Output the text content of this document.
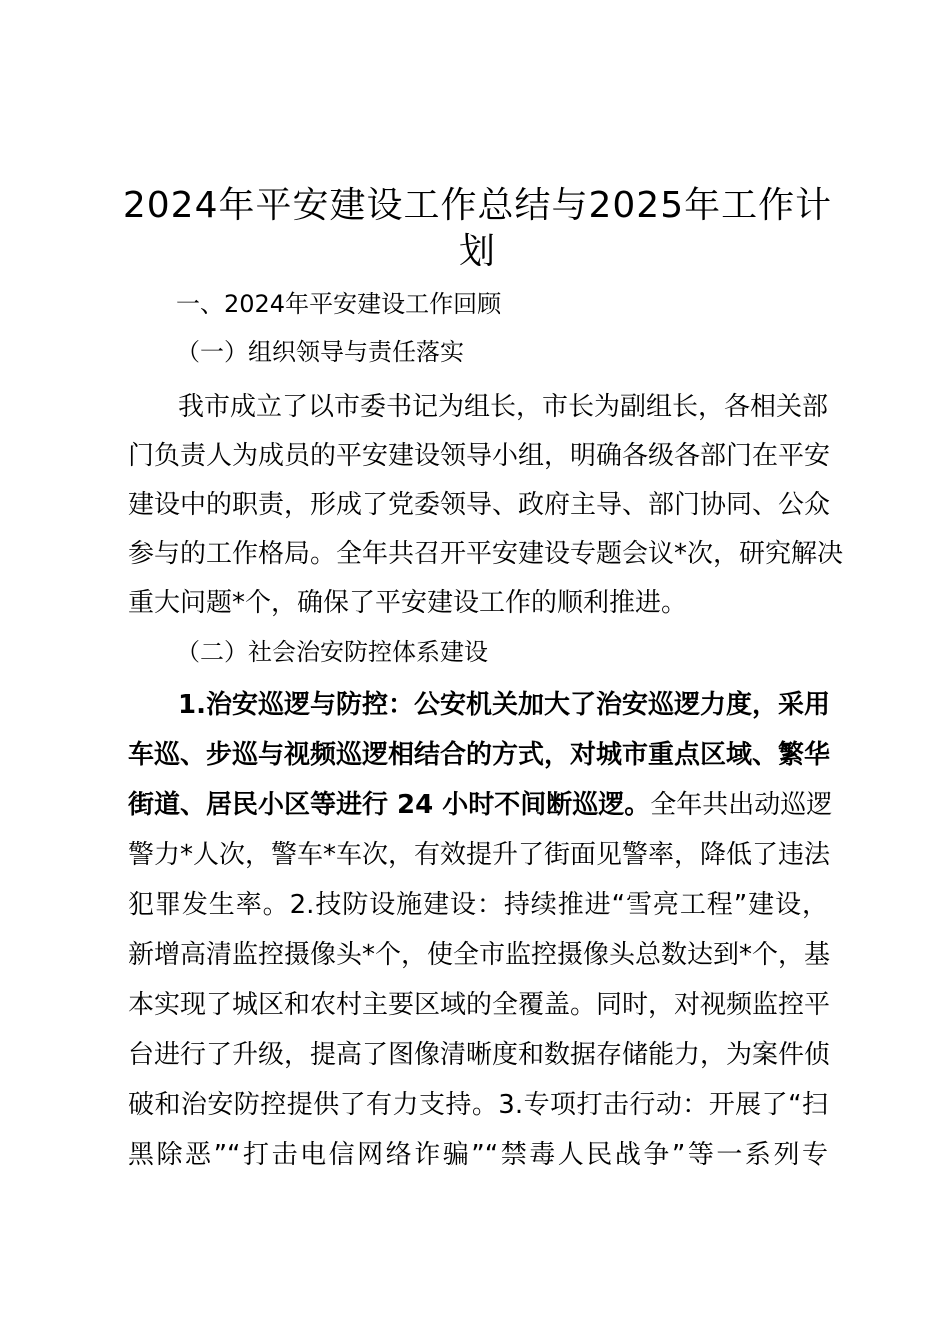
2024年平安建设工作总结与2025年工作计
划
一、2024年平安建设工作回顾
（一）组织领导与责任落实
我市成立了以市委书记为组长，市长为副组长，各相关部
门负责人为成员的平安建设领导小组，明确各级各部门在平安
建设中的职责，形成了党委领导、政府主导、部门协同、公众
参与的工作格局。全年共召开平安建设专题会议*次，研究解决
重大问题*个，确保了平安建设工作的顺利推进。
（二）社会治安防控体系建设
1.治安巡逻与防控：公安机关加大了治安巡逻力度，采用
车巡、步巡与视频巡逻相结合的方式，对城市重点区域、繁华
街道、居民小区等进行 24 小时不间断巡逻。全年共出动巡逻
警力*人次，警车*车次，有效提升了街面见警率，降低了违法
犯罪发生率。2.技防设施建设：持续推进“雪亮工程”建设，
新增高清监控摄像头*个，使全市监控摄像头总数达到*个，基
本实现了城区和农村主要区域的全覆盖。同时，对视频监控平
台进行了升级，提高了图像清晰度和数据存储能力，为案件侦
破和治安防控提供了有力支持。3.专项打击行动：开展了“扫
黑除恶”“打击电信网络诈骗”“禁毒人民战争”等一系列专
